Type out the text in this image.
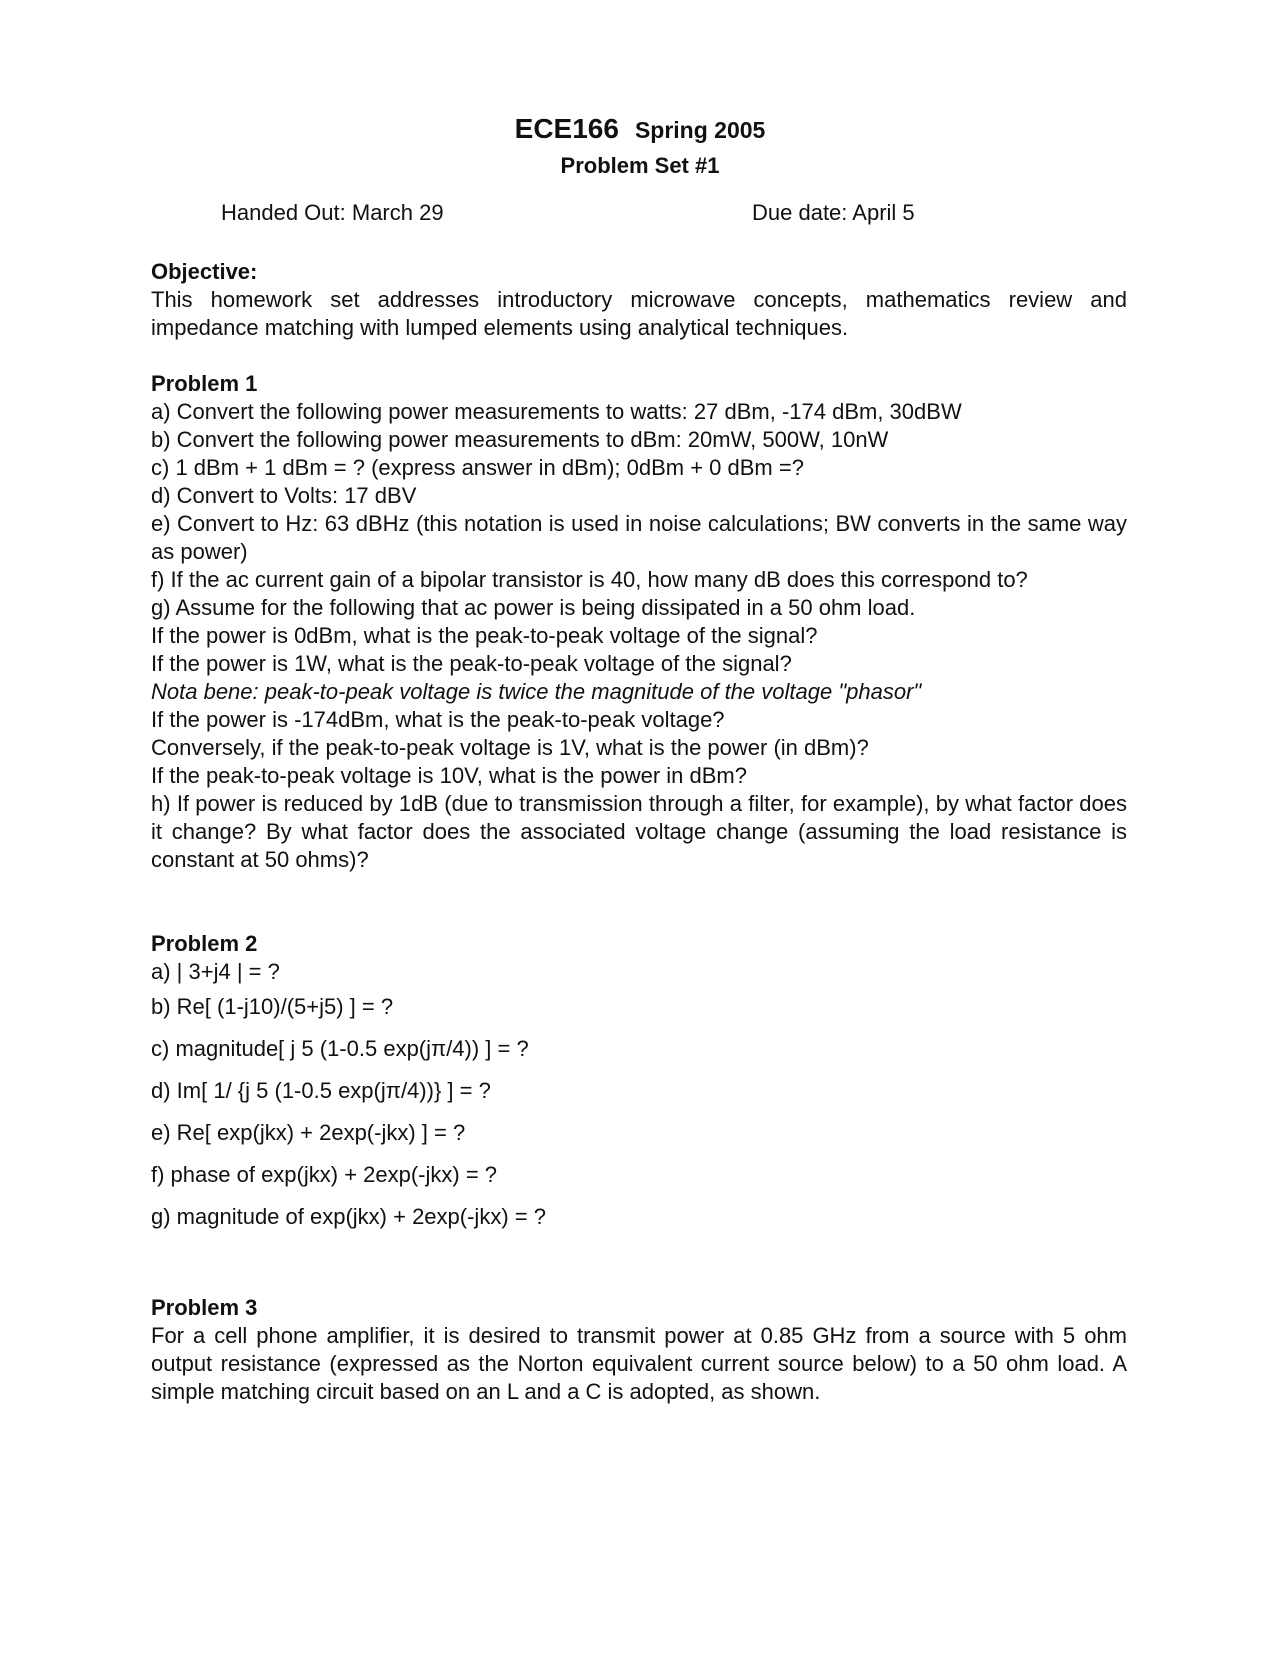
ECE166 Spring 2005
Problem Set #1
Handed Out: March 29	Due date: April 5

Objective:

This homework set addresses introductory microwave concepts, mathematics review and impedance matching with lumped elements using analytical techniques.

Problem 1

a) Convert the following power measurements to watts: 27 dBm, -174 dBm, 30dBW

b) Convert the following power measurements to dBm: 20mW, 500W, 10nW

c) 1 dBm + 1 dBm = ? (express answer in dBm); 0dBm + 0 dBm =?

d) Convert to Volts: 17 dBV

e) Convert to Hz: 63 dBHz (this notation is used in noise calculations; BW converts in the same way as power)

f) If the ac current gain of a bipolar transistor is 40, how many dB does this correspond to?

g) Assume for the following that ac power is being dissipated in a 50 ohm load.

If the power is 0dBm, what is the peak-to-peak voltage of the signal?

If the power is 1W, what is the peak-to-peak voltage of the signal?

Nota bene: peak-to-peak voltage is twice the magnitude of the voltage "phasor"

If the power is -174dBm, what is the peak-to-peak voltage?

Conversely, if the peak-to-peak voltage is 1V, what is the power (in dBm)?

If the peak-to-peak voltage is 10V, what is the power in dBm?

h) If power is reduced by 1dB (due to transmission through a filter, for example), by what factor does it change? By what factor does the associated voltage change (assuming the load resistance is constant at 50 ohms)?

Problem 2

a) | 3+j4 | = ?

b) Re[ (1-j10)/(5+j5) ] = ?

c) magnitude[ j 5 (1-0.5 exp(jπ/4)) ] = ?

d) Im[ 1/ {j 5 (1-0.5 exp(jπ/4))} ] = ?

e) Re[ exp(jkx) + 2exp(-jkx) ] = ?

f) phase of exp(jkx) + 2exp(-jkx) = ?

g) magnitude of exp(jkx) + 2exp(-jkx) = ?

Problem 3

For a cell phone amplifier, it is desired to transmit power at 0.85 GHz from a source with 5 ohm output resistance (expressed as the Norton equivalent current source below) to a 50 ohm load. A simple matching circuit based on an L and a C is adopted, as shown.
